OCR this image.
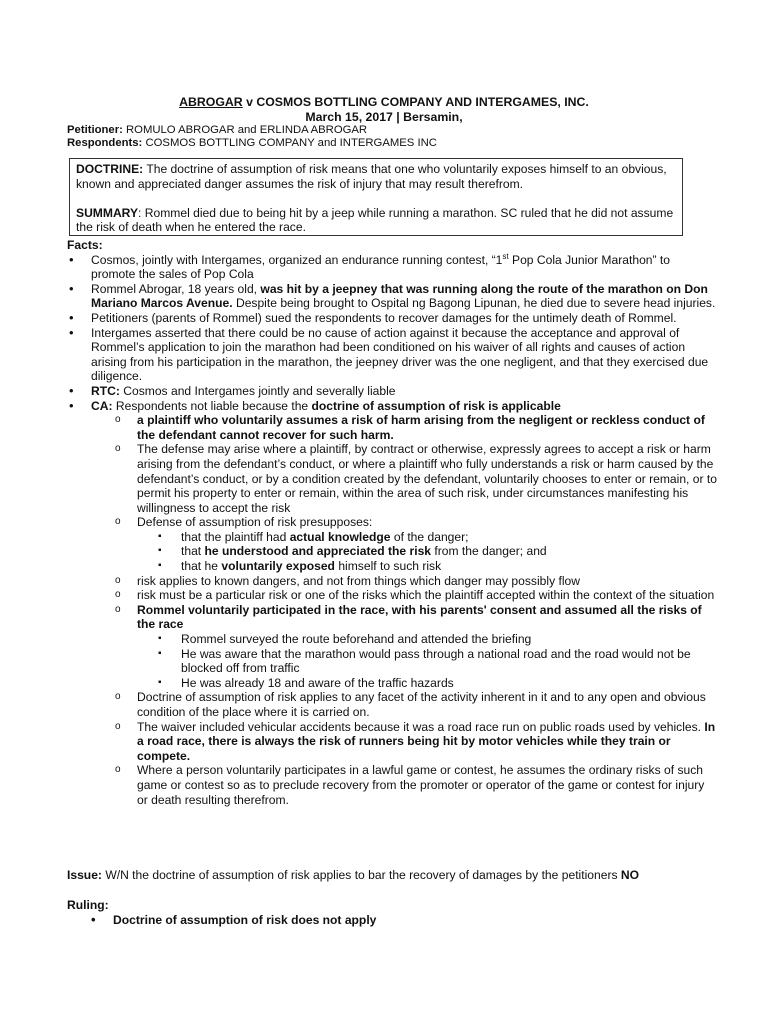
ABROGAR v COSMOS BOTTLING COMPANY AND INTERGAMES, INC.
March 15, 2017 | Bersamin,
Petitioner: ROMULO ABROGAR and ERLINDA ABROGAR
Respondents: COSMOS BOTTLING COMPANY and INTERGAMES INC

DOCTRINE: The doctrine of assumption of risk means that one who voluntarily exposes himself to an obvious, known and appreciated danger assumes the risk of injury that may result therefrom.

SUMMARY: Rommel died due to being hit by a jeep while running a marathon. SC ruled that he did not assume the risk of death when he entered the race.

Facts:
• Cosmos, jointly with Intergames, organized an endurance running contest, “1st Pop Cola Junior Marathon” to promote the sales of Pop Cola
• Rommel Abrogar, 18 years old, was hit by a jeepney that was running along the route of the marathon on Don Mariano Marcos Avenue. Despite being brought to Ospital ng Bagong Lipunan, he died due to severe head injuries.
• Petitioners (parents of Rommel) sued the respondents to recover damages for the untimely death of Rommel.
• Intergames asserted that there could be no cause of action against it because the acceptance and approval of Rommel’s application to join the marathon had been conditioned on his waiver of all rights and causes of action arising from his participation in the marathon, the jeepney driver was the one negligent, and that they exercised due diligence.
• RTC: Cosmos and Intergames jointly and severally liable
• CA: Respondents not liable because the doctrine of assumption of risk is applicable
o a plaintiff who voluntarily assumes a risk of harm arising from the negligent or reckless conduct of the defendant cannot recover for such harm.
o The defense may arise where a plaintiff, by contract or otherwise, expressly agrees to accept a risk or harm arising from the defendant’s conduct, or where a plaintiff who fully understands a risk or harm caused by the defendant’s conduct, or by a condition created by the defendant, voluntarily chooses to enter or remain, or to permit his property to enter or remain, within the area of such risk, under circumstances manifesting his willingness to accept the risk
o Defense of assumption of risk presupposes:
▪ that the plaintiff had actual knowledge of the danger;
▪ that he understood and appreciated the risk from the danger; and
▪ that he voluntarily exposed himself to such risk
o risk applies to known dangers, and not from things which danger may possibly flow
o risk must be a particular risk or one of the risks which the plaintiff accepted within the context of the situation
o Rommel voluntarily participated in the race, with his parents' consent and assumed all the risks of the race
▪ Rommel surveyed the route beforehand and attended the briefing
▪ He was aware that the marathon would pass through a national road and the road would not be blocked off from traffic
▪ He was already 18 and aware of the traffic hazards
o Doctrine of assumption of risk applies to any facet of the activity inherent in it and to any open and obvious condition of the place where it is carried on.
o The waiver included vehicular accidents because it was a road race run on public roads used by vehicles. In a road race, there is always the risk of runners being hit by motor vehicles while they train or compete.
o Where a person voluntarily participates in a lawful game or contest, he assumes the ordinary risks of such game or contest so as to preclude recovery from the promoter or operator of the game or contest for injury or death resulting therefrom.
Issue: W/N the doctrine of assumption of risk applies to bar the recovery of damages by the petitioners NO
Ruling:
• Doctrine of assumption of risk does not apply
